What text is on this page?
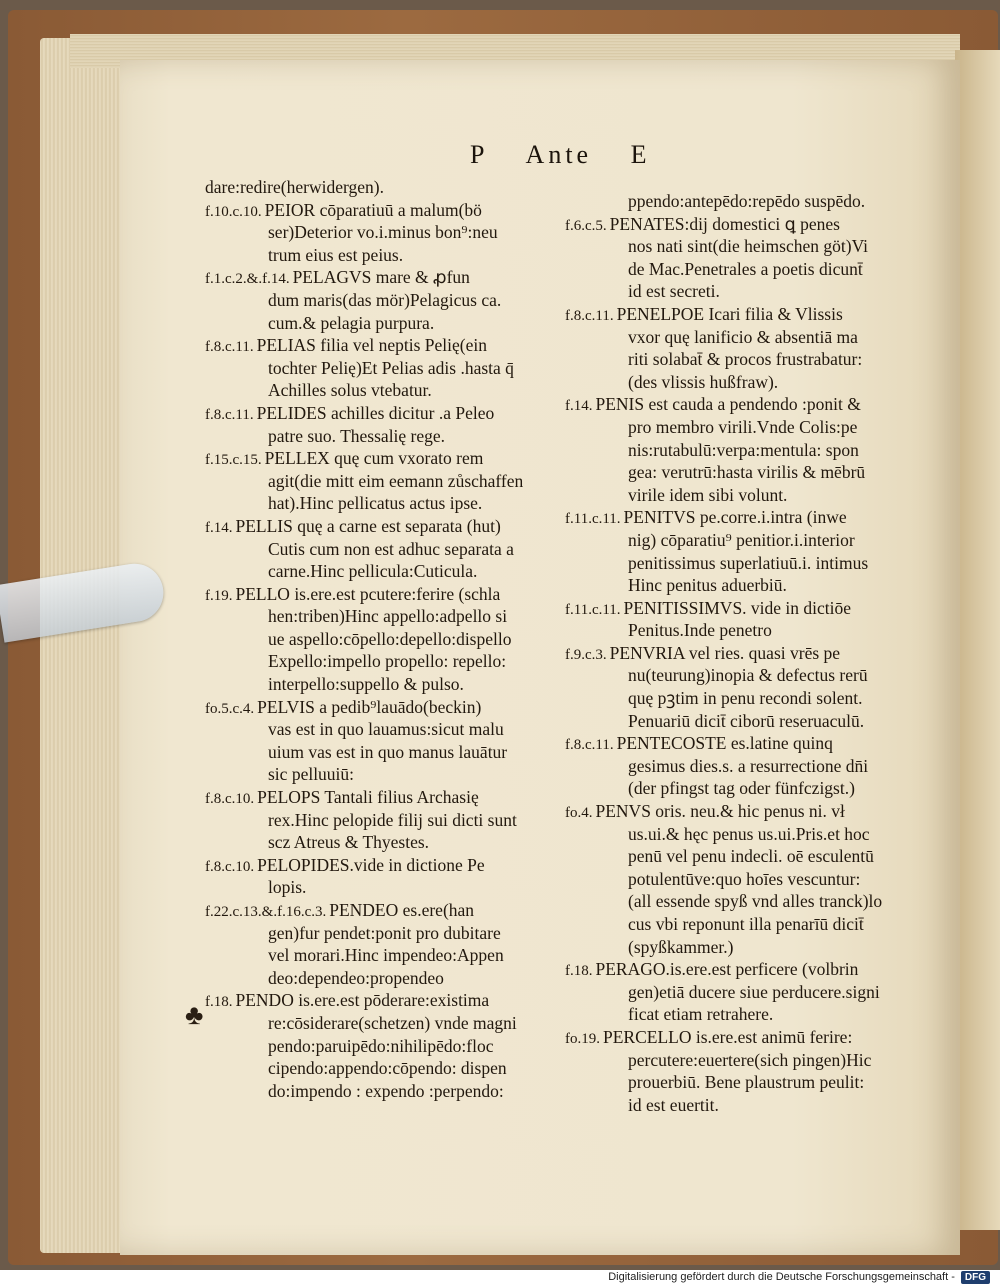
P Ante E
dare:redire(herwidergen).
f.10.c.10. PEIOR cōparatiuū a malum(bö
ser)Deterior vo.i.minus bon⁹:neu
trum eius est peius.
f.1.c.2.&.f.14. PELAGVS mare & ꝓfun
dum maris(das mör)Pelagicus ca.
cum.& pelagia purpura.
f.8.c.11. PELIAS filia vel neptis Pelię(ein
tochter Pelię)Et Pelias adis .hasta q̄
Achilles solus vtebatur.
f.8.c.11. PELIDES achilles dicitur .a Peleo
patre suo. Thessalię rege.
f.15.c.15. PELLEX quę cum vxorato rem
agit(die mitt eim eemann zůschaffen
hat).Hinc pellicatus actus ipse.
f.14. PELLIS quę a carne est separata (hut)
Cutis cum non est adhuc separata a
carne.Hinc pellicula:Cuticula.
f.19. PELLO is.ere.est pcutere:ferire (schla
hen:triben)Hinc appello:adpello si
ue aspello:cōpello:depello:dispello
Expello:impello propello: repello:
interpello:suppello & pulso.
fo.5.c.4. PELVIS a pedib⁹lauādo(beckin)
vas est in quo lauamus:sicut malu
uium vas est in quo manus lauātur
sic pelluuiū:
f.8.c.10. PELOPS Tantali filius Archasię
rex.Hinc pelopide filij sui dicti sunt
scz Atreus & Thyestes.
f.8.c.10. PELOPIDES.vide in dictione Pe
lopis.
f.22.c.13.&.f.16.c.3. PENDEO es.ere(han
gen)fur pendet:ponit pro dubitare
vel morari.Hinc impendeo:Appen
deo:dependeo:propendeo
f.18. PENDO is.ere.est pōderare:existima
re:cōsiderare(schetzen) vnde magni
pendo:paruipēdo:nihilipēdo:floc
cipendo:appendo:cōpendo: dispen
do:impendo : expendo :perpendo:
ppendo:antepēdo:repēdo suspēdo.
f.6.c.5. PENATES:dij domestici ꝗ penes
nos nati sint(die heimschen göt)Vi
de Mac.Penetrales a poetis dicunt̄
id est secreti.
f.8.c.11. PENELPOE Icari filia & Vlissis
vxor quę lanificio & absentiā ma
riti solabat̄ & procos frustrabatur:
(des vlissis hußfraw).
f.14. PENIS est cauda a pendendo :ponit &
pro membro virili.Vnde Colis:pe
nis:rutabulū:verpa:mentula: spon
gea: verutrū:hasta virilis & mēbrū
virile idem sibi volunt.
f.11.c.11. PENITVS pe.corre.i.intra (inwe
nig) cōparatiu⁹ penitior.i.interior
penitissimus superlatiuū.i. intimus
Hinc penitus aduerbiū.
f.11.c.11. PENITISSIMVS. vide in dictiōe
Penitus.Inde penetro
f.9.c.3. PENVRIA vel ries. quasi vrēs pe
nu(teurung)inopia & defectus rerū
quę pꝫtim in penu recondi solent.
Penuariū dicit̄ ciborū reseruaculū.
f.8.c.11. PENTECOSTE es.latine quinq
gesimus dies.s. a resurrectione dn̄i
(der pfingst tag oder fünfczigst.)
fo.4. PENVS oris. neu.& hic penus ni. vł
us.ui.& hęc penus us.ui.Pris.et hoc
penū vel penu indecli. oē esculentū
potulentūve:quo hoīes vescuntur:
(all essende spyß vnd alles tranck)lo
cus vbi reponunt illa penarīū dicit̄
(spyßkammer.)
f.18. PERAGO.is.ere.est perficere (volbrin
gen)etiā ducere siue perducere.signi
ficat etiam retrahere.
fo.19. PERCELLO is.ere.est animū ferire:
percutere:euertere(sich pingen)Hic
prouerbiū. Bene plaustrum peulit:
id est euertit.
♣
Digitalisierung gefördert durch die Deutsche Forschungsgemeinschaft -	DFG
